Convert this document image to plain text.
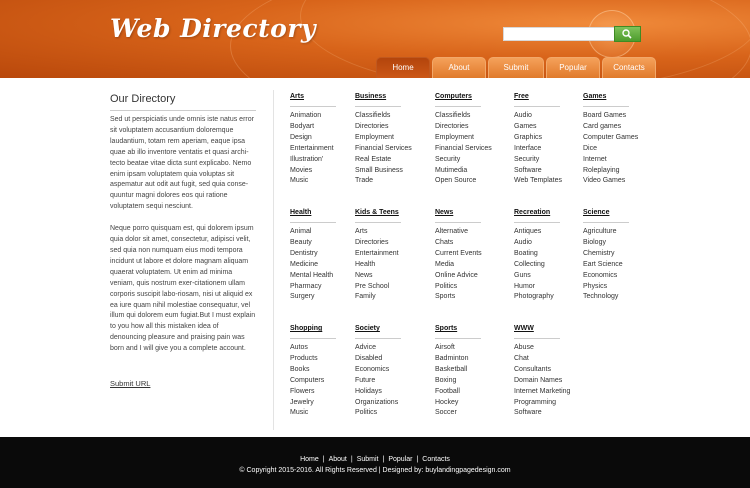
Web Directory
Home	About	Submit	Popular	Contacts
Our Directory

Sed ut perspiciatis unde omnis iste natus error sit voluptatem accusantium doloremque laudantium, totam rem aperiam, eaque ipsa quae ab illo inventore ventatis et quasi archi-tecto beatae vitae dicta sunt explicabo. Nemo enim ipsam voluptatem quia voluptas sit aspematur aut odit aut fugit, sed quia conse-quuntur magni dolores eos qui ratione voluptatem sequi nesciunt.

Neque porro quisquam est, qui dolorem ipsum quia dolor sit amet, consectetur, adipisci velit, sed quia non numquam eius modi tempora incidunt ut labore et dolore magnam aliquam quaerat voluptatem. Ut enim ad minima veniam, quis nostrum exer-citationem ullam corporis suscipit labo-riosam, nisi ut aliquid ex ea iure quam nihil molestiae consequatur, vel illum qui dolorem eum fugiat.But I must explain to you how all this mistaken idea of denouncing pleasure and praising pain was born and I will give you a complete account.

Submit URL
Arts
Animation
Bodyart
Design
Entertainment
Illustration'
Movies
Music
Business
Classifields
Directories
Employment
Financial Services
Real Estate
Small Business
Trade
Computers
Classifields
Directories
Employment
Financial Services
Security
Mutimedia
Open Source
Free
Audio
Games
Graphics
Interface
Security
Software
Web Templates
Games
Board Games
Card games
Computer Games
Dice
Internet
Roleplaying
Video Games
Health
Animal
Beauty
Dentistry
Medicine
Mental Health
Pharmacy
Surgery
Kids & Teens
Arts
Directories
Entertainment
Health
News
Pre School
Family
News
Alternative
Chats
Current Events
Media
Online Advice
Politics
Sports
Recreation
Antiques
Audio
Boating
Collecting
Guns
Humor
Photography
Science
Agriculture
Biology
Chemistry
Eart Science
Economics
Physics
Technology
Shopping
Autos
Products
Books
Computers
Flowers
Jewelry
Music
Society
Advice
Disabled
Economics
Future
Holidays
Organizations
Politics
Sports
Airsoft
Badminton
Basketball
Boxing
Football
Hockey
Soccer
WWW
Abuse
Chat
Consultants
Domain Names
Internet Marketing
Programming
Software
Home | About | Submit | Popular | Contacts
© Copyright 2015-2016. All Rights Reserved | Designed by: buylandingpagedesign.com
